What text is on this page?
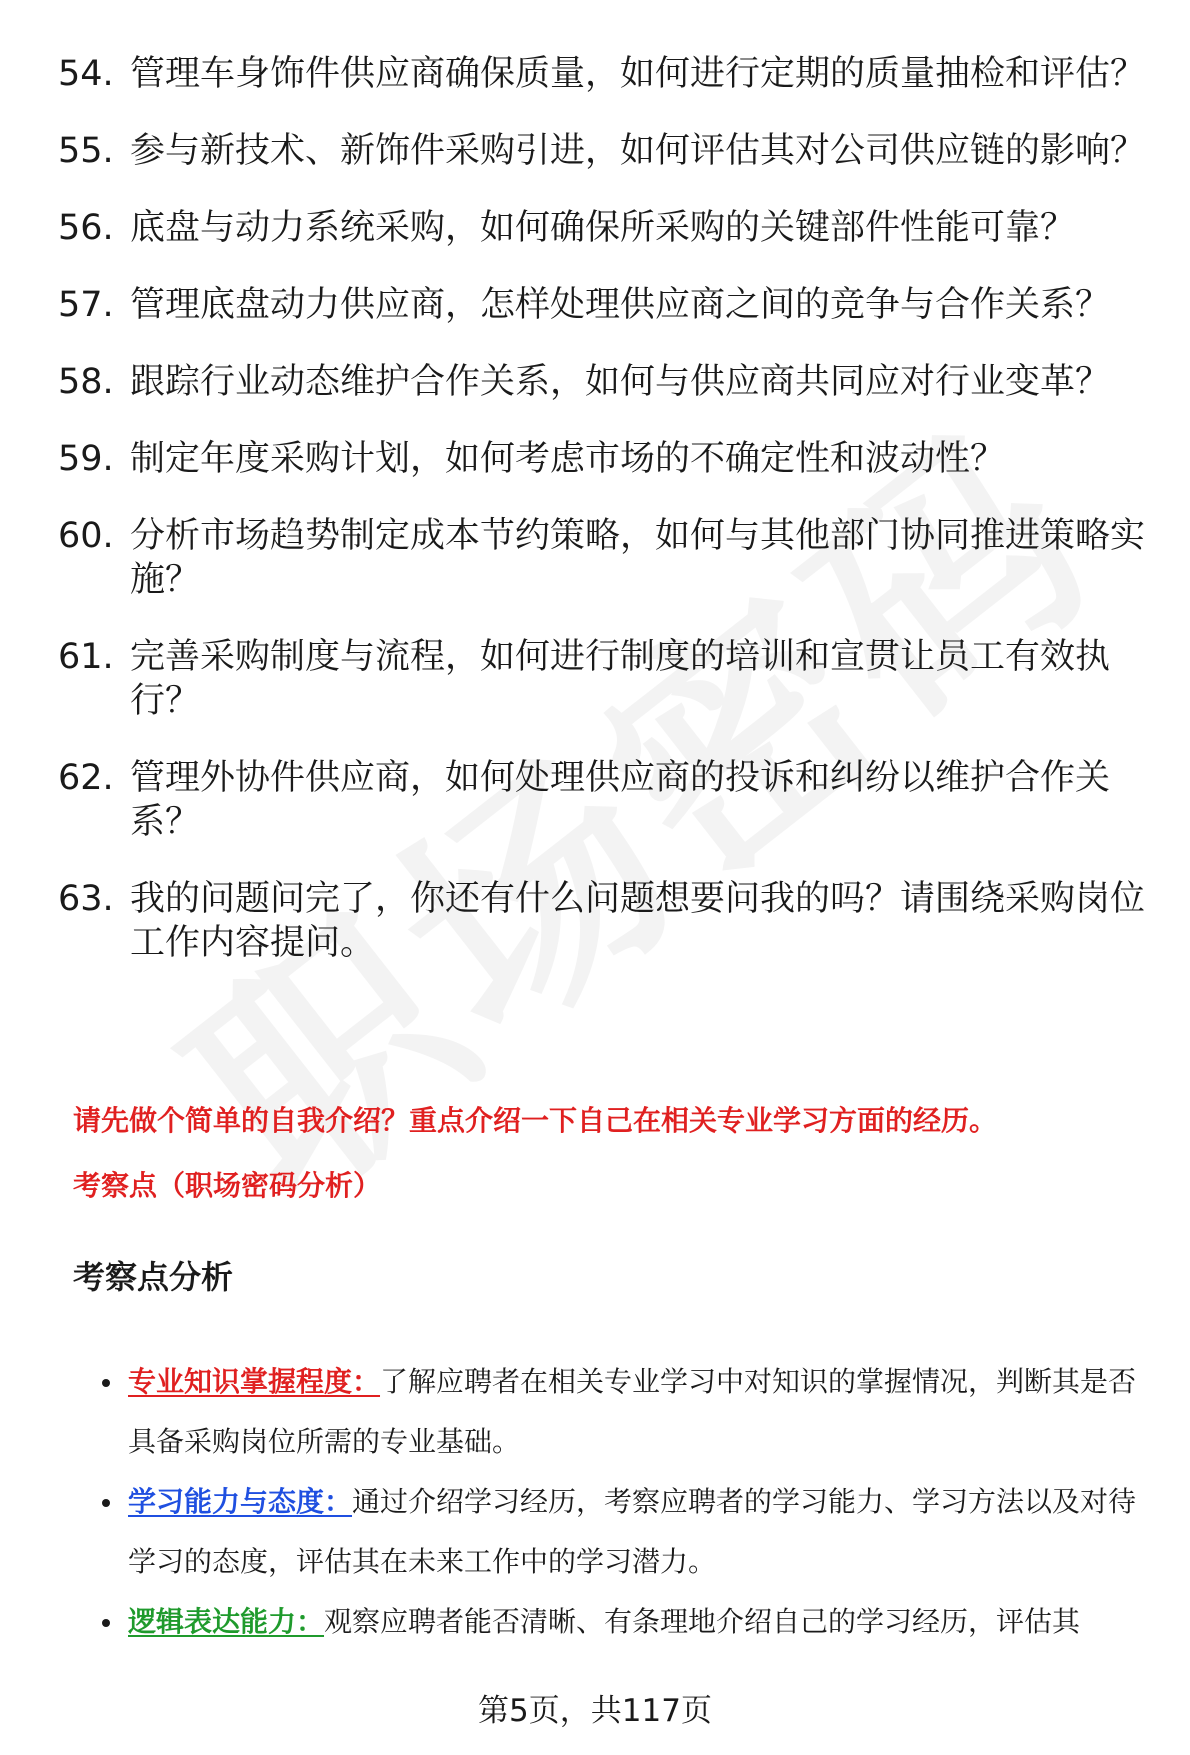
54. 管理车身饰件供应商确保质量，如何进行定期的质量抽检和评估？
55. 参与新技术、新饰件采购引进，如何评估其对公司供应链的影响？
56. 底盘与动力系统采购，如何确保所采购的关键部件性能可靠？
57. 管理底盘动力供应商，怎样处理供应商之间的竞争与合作关系？
58. 跟踪行业动态维护合作关系，如何与供应商共同应对行业变革？
59. 制定年度采购计划，如何考虑市场的不确定性和波动性？
60. 分析市场趋势制定成本节约策略，如何与其他部门协同推进策略实施？
61. 完善采购制度与流程，如何进行制度的培训和宣贯让员工有效执行？
62. 管理外协件供应商，如何处理供应商的投诉和纠纷以维护合作关系？
63. 我的问题问完了，你还有什么问题想要问我的吗？请围绕采购岗位工作内容提问。
请先做个简单的自我介绍？重点介绍一下自己在相关专业学习方面的经历。
考察点（职场密码分析）
考察点分析
专业知识掌握程度：了解应聘者在相关专业学习中对知识的掌握情况，判断其是否具备采购岗位所需的专业基础。
学习能力与态度：通过介绍学习经历，考察应聘者的学习能力、学习方法以及对待学习的态度，评估其在未来工作中的学习潜力。
逻辑表达能力：观察应聘者能否清晰、有条理地介绍自己的学习经历，评估其
第5页，共117页
